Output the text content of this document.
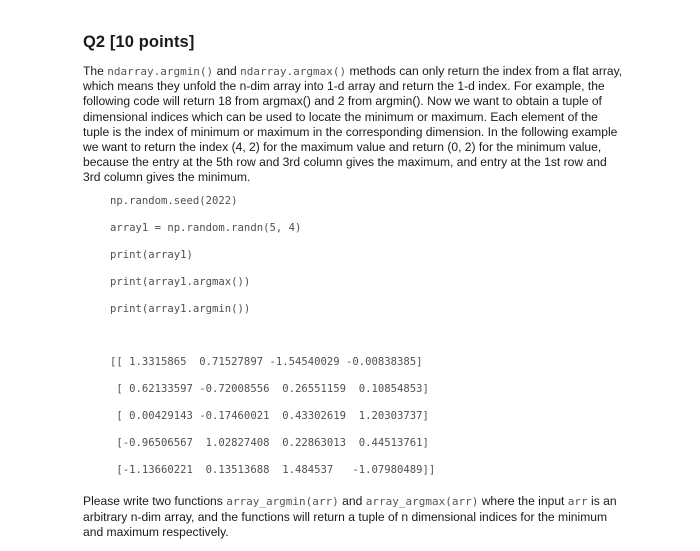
Q2 [10 points]

The ndarray.argmin() and ndarray.argmax() methods can only return the index from a flat array, which means they unfold the n-dim array into 1-d array and return the 1-d index. For example, the following code will return 18 from argmax() and 2 from argmin(). Now we want to obtain a tuple of dimensional indices which can be used to locate the minimum or maximum. Each element of the tuple is the index of minimum or maximum in the corresponding dimension. In the following example we want to return the index (4, 2) for the maximum value and return (0, 2) for the minimum value, because the entry at the 5th row and 3rd column gives the maximum, and entry at the 1st row and 3rd column gives the minimum.

np.random.seed(2022)
array1 = np.random.randn(5, 4)
print(array1)
print(array1.argmax())
print(array1.argmin())
[[ 1.3315865  0.71527897 -1.54540029 -0.00838385]
[ 0.62133597 -0.72008556  0.26551159  0.10854853]
[ 0.00429143 -0.17460021  0.43302619  1.20303737]
[-0.96506567  1.02827408  0.22863013  0.44513761]
[-1.13660221  0.13513688  1.484537   -1.07980489]]

Please write two functions array_argmin(arr) and array_argmax(arr) where the input arr is an arbitrary n-dim array, and the functions will return a tuple of n dimensional indices for the minimum and maximum respectively.
